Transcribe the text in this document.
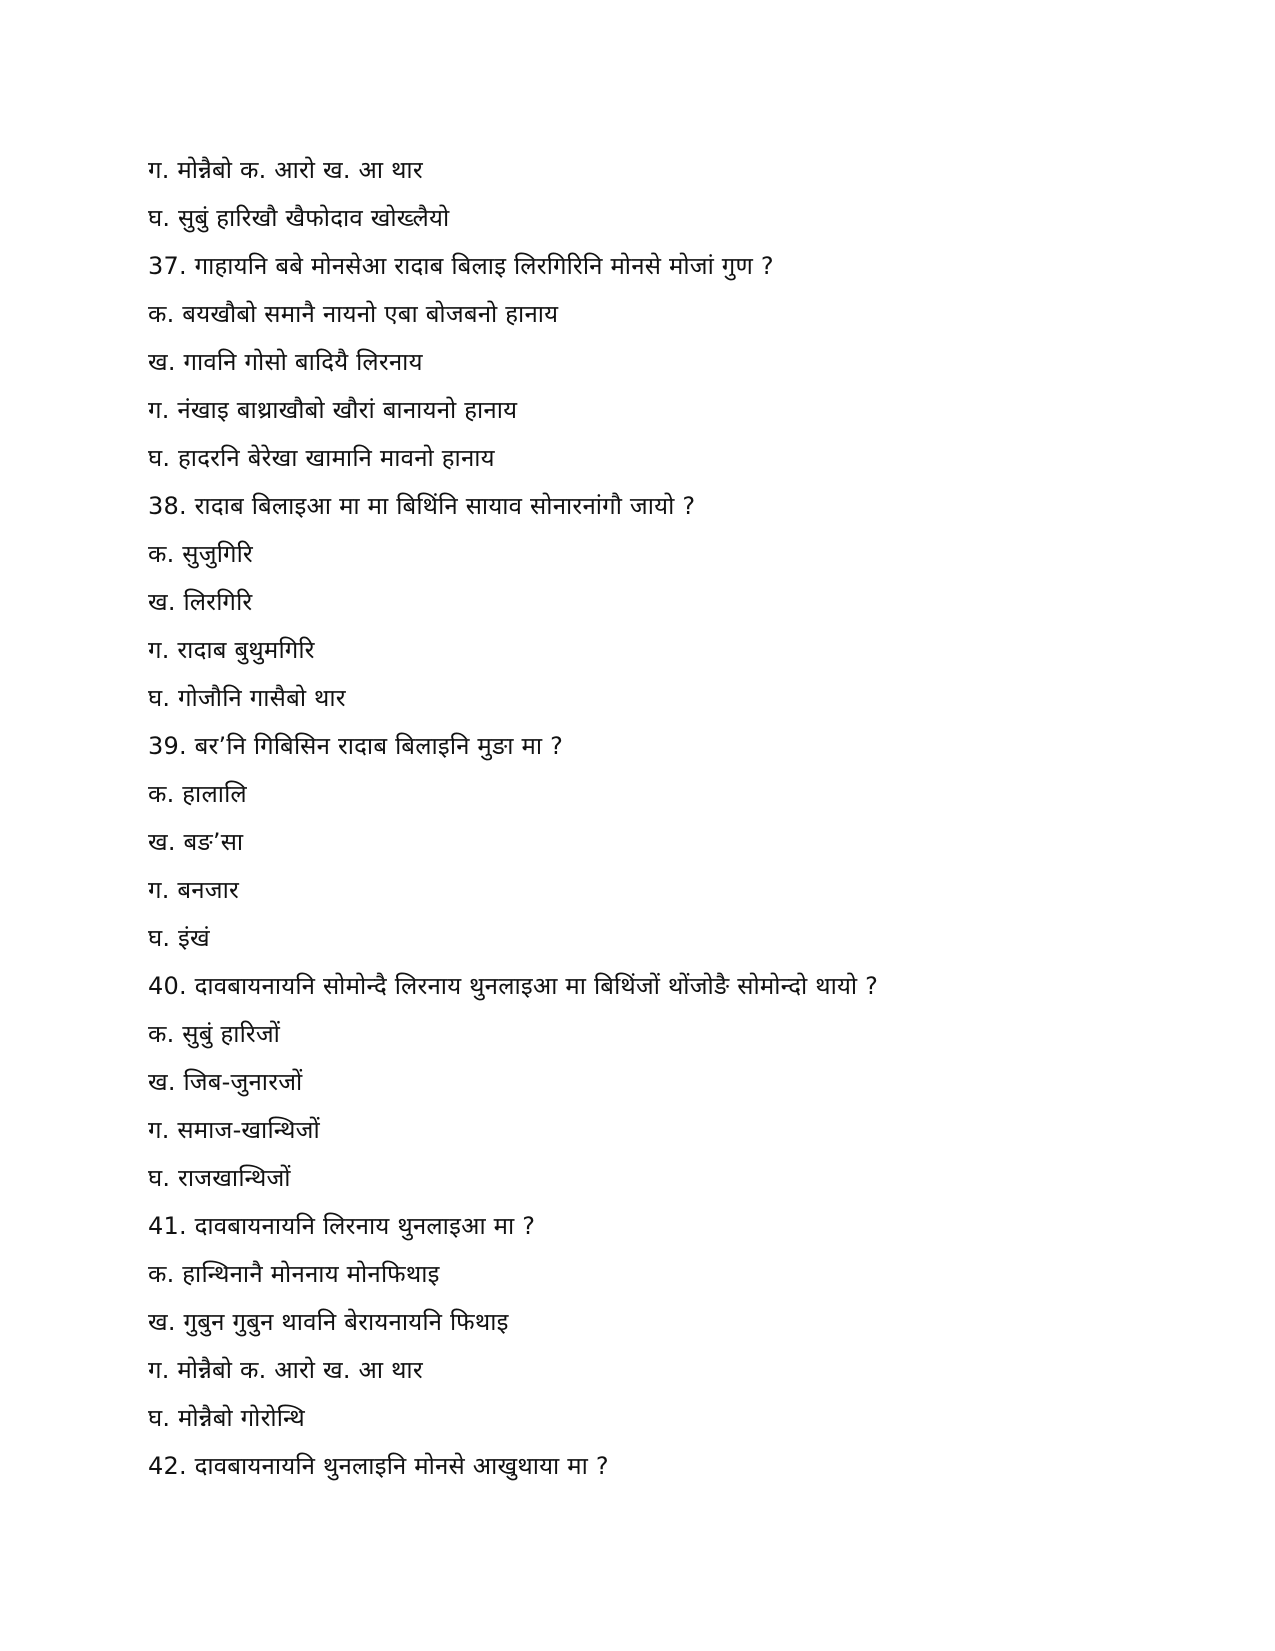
ग. मोन्नैबो क. आरो ख. आ थार
घ. सुबुं हारिखौ खैफोदाव खोख्लैयो
37. गाहायनि बबे मोनसेआ रादाब बिलाइ लिरगिरिनि मोनसे मोजां गुण ?
क. बयखौबो समानै नायनो एबा बोजबनो हानाय
ख. गावनि गोसो बादियै लिरनाय
ग. नंखाइ बाथ्राखौबो खौरां बानायनो हानाय
घ. हादरनि बेरेखा खामानि मावनो हानाय
38. रादाब बिलाइआ मा मा बिथिंनि सायाव सोनारनांगौ जायो ?
क. सुजुगिरि
ख. लिरगिरि
ग. रादाब बुथुमगिरि
घ. गोजौनि गासैबो थार
39. बर’नि गिबिसिन रादाब बिलाइनि मुङा मा ?
क. हालालि
ख. बङ’सा
ग. बनजार
घ. इंखं
40. दावबायनायनि सोमोन्दै लिरनाय थुनलाइआ मा बिथिंजों थोंजोङै सोमोन्दो थायो ?
क. सुबुं हारिजों
ख. जिब-जुनारजों
ग. समाज-खान्थिजों
घ. राजखान्थिजों
41. दावबायनायनि लिरनाय थुनलाइआ मा ?
क. हान्थिनानै मोननाय मोनफिथाइ
ख. गुबुन गुबुन थावनि बेरायनायनि फिथाइ
ग. मोन्नैबो क. आरो ख. आ थार
घ. मोन्नैबो गोरोन्थि
42. दावबायनायनि थुनलाइनि मोनसे आखुथाया मा ?
